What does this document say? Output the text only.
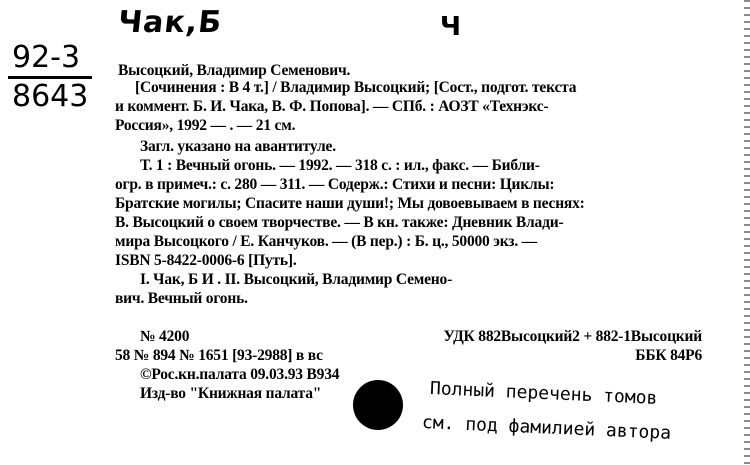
Чак,Б	Ч
92-3
8643
Высоцкий, Владимир Семенович.
[Сочинения : В 4 т.] / Владимир Высоцкий; [Сост., подгот. текста
и коммент. Б. И. Чака, В. Ф. Попова]. — СПб. : АОЗТ «Технэкс-
Россия», 1992 — . — 21 см.
Загл. указано на авантитуле.
Т. 1 : Вечный огонь. — 1992. — 318 с. : ил., факс. — Библи-
огр. в примеч.: с. 280 — 311. — Содерж.: Стихи и песни: Циклы:
Братские могилы; Спасите наши души!; Мы довоевываем в песнях:
В. Высоцкий о своем творчестве. — В кн. также: Дневник Влади-
мира Высоцкого / Е. Канчуков. — (В пер.) : Б. ц., 50000 экз. —
ISBN 5-8422-0006-6 [Путь].
I. Чак, Б И . II. Высоцкий, Владимир Семено-
вич. Вечный огонь.
№ 4200	УДК 882Высоцкий2 + 882-1Высоцкий
58 № 894 № 1651 [93-2988] в вс	ББК 84Р6
©Рос.кн.палата 09.03.93 В934
Изд-во "Книжная палата"	Полный перечень томов
см. под фамилией автора
